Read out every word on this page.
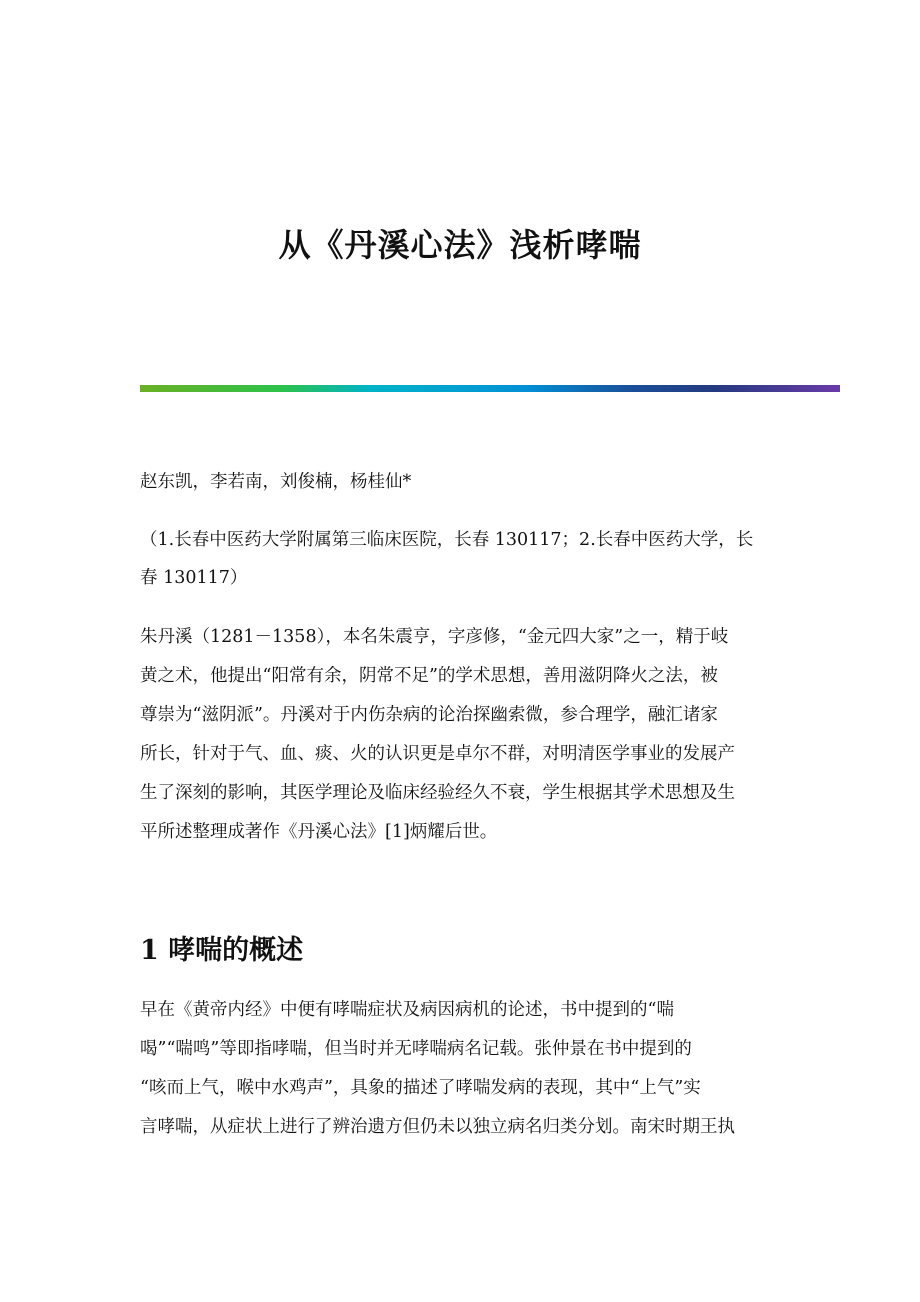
从《丹溪心法》浅析哮喘
赵东凯，李若南，刘俊楠，杨桂仙*
（1.长春中医药大学附属第三临床医院，长春 130117；2.长春中医药大学，长
春 130117）
朱丹溪（1281－1358），本名朱震亨，字彦修，“金元四大家”之一，精于岐
黄之术，他提出“阳常有余，阴常不足”的学术思想，善用滋阴降火之法，被
尊崇为“滋阴派”。丹溪对于内伤杂病的论治探幽索微，参合理学，融汇诸家
所长，针对于气、血、痰、火的认识更是卓尔不群，对明清医学事业的发展产
生了深刻的影响，其医学理论及临床经验经久不衰，学生根据其学术思想及生
平所述整理成著作《丹溪心法》[1]炳耀后世。
1 哮喘的概述
早在《黄帝内经》中便有哮喘症状及病因病机的论述，书中提到的“喘
喝”“喘鸣”等即指哮喘，但当时并无哮喘病名记载。张仲景在书中提到的
“咳而上气，喉中水鸡声”，具象的描述了哮喘发病的表现，其中“上气”实
言哮喘，从症状上进行了辨治遗方但仍未以独立病名归类分划。南宋时期王执
